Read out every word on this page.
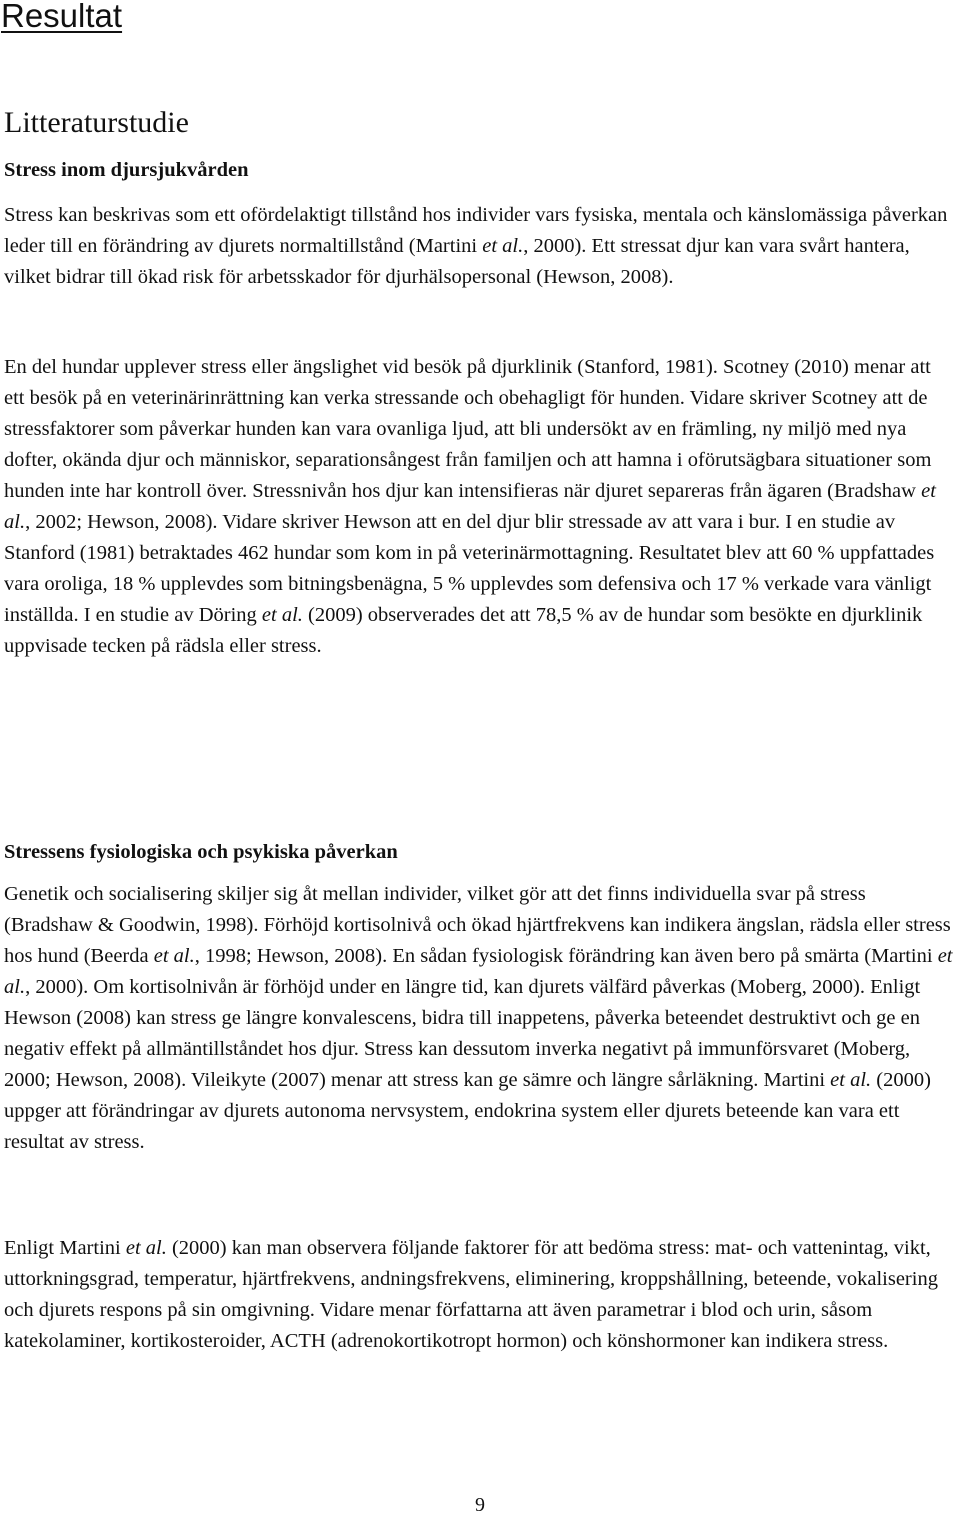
Resultat
Litteraturstudie
Stress inom djursjukvården

Stress kan beskrivas som ett ofördelaktigt tillstånd hos individer vars fysiska, mentala och känslomässiga påverkan leder till en förändring av djurets normaltillstånd (Martini et al., 2000). Ett stressat djur kan vara svårt hantera, vilket bidrar till ökad risk för arbetsskador för djurhälsopersonal (Hewson, 2008).

En del hundar upplever stress eller ängslighet vid besök på djurklinik (Stanford, 1981). Scotney (2010) menar att ett besök på en veterinärinrättning kan verka stressande och obehagligt för hunden. Vidare skriver Scotney att de stressfaktorer som påverkar hunden kan vara ovanliga ljud, att bli undersökt av en främling, ny miljö med nya dofter, okända djur och människor, separationsångest från familjen och att hamna i oförutsägbara situationer som hunden inte har kontroll över. Stressnivån hos djur kan intensifieras när djuret separeras från ägaren (Bradshaw et al., 2002; Hewson, 2008). Vidare skriver Hewson att en del djur blir stressade av att vara i bur. I en studie av Stanford (1981) betraktades 462 hundar som kom in på veterinärmottagning. Resultatet blev att 60 % uppfattades vara oroliga, 18 % upplevdes som bitningsbenägna, 5 % upplevdes som defensiva och 17 % verkade vara vänligt inställda. I en studie av Döring et al. (2009) observerades det att 78,5 % av de hundar som besökte en djurklinik uppvisade tecken på rädsla eller stress.

Stressens fysiologiska och psykiska påverkan

Genetik och socialisering skiljer sig åt mellan individer, vilket gör att det finns individuella svar på stress (Bradshaw & Goodwin, 1998). Förhöjd kortisolnivå och ökad hjärtfrekvens kan indikera ängslan, rädsla eller stress hos hund (Beerda et al., 1998; Hewson, 2008). En sådan fysiologisk förändring kan även bero på smärta (Martini et al., 2000). Om kortisolnivån är förhöjd under en längre tid, kan djurets välfärd påverkas (Moberg, 2000). Enligt Hewson (2008) kan stress ge längre konvalescens, bidra till inappetens, påverka beteendet destruktivt och ge en negativ effekt på allmäntillståndet hos djur. Stress kan dessutom inverka negativt på immunförsvaret (Moberg, 2000; Hewson, 2008). Vileikyte (2007) menar att stress kan ge sämre och längre sårläkning. Martini et al. (2000) uppger att förändringar av djurets autonoma nervsystem, endokrina system eller djurets beteende kan vara ett resultat av stress.

Enligt Martini et al. (2000) kan man observera följande faktorer för att bedöma stress: mat- och vattenintag, vikt, uttorkningsgrad, temperatur, hjärtfrekvens, andningsfrekvens, eliminering, kroppshållning, beteende, vokalisering och djurets respons på sin omgivning. Vidare menar författarna att även parametrar i blod och urin, såsom katekolaminer, kortikosteroider, ACTH (adrenokortikotropt hormon) och könshormoner kan indikera stress.

9
